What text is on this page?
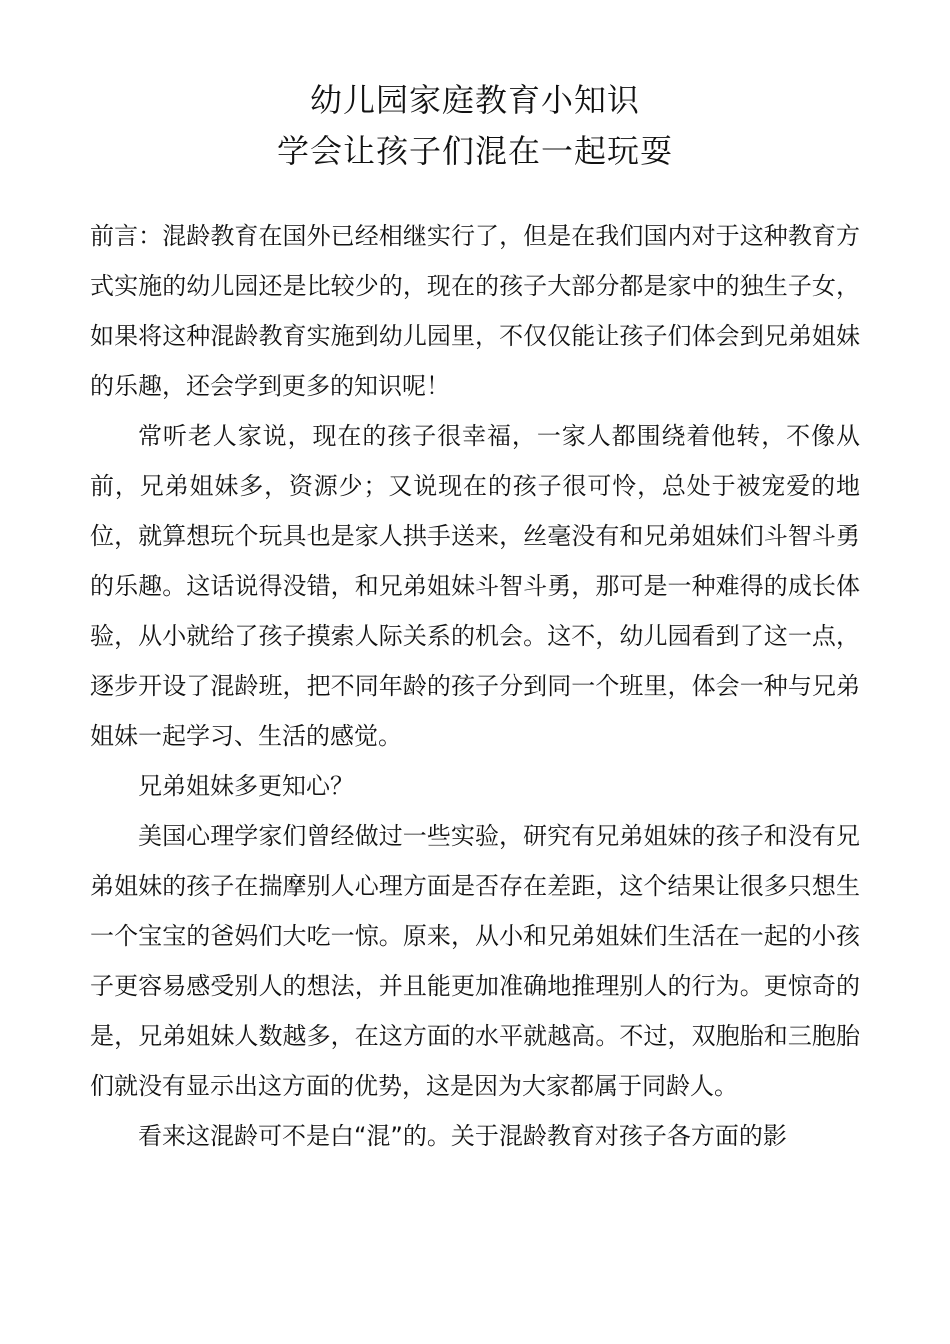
幼儿园家庭教育小知识
学会让孩子们混在一起玩耍

前言：混龄教育在国外已经相继实行了，但是在我们国内对于这种教育方式实施的幼儿园还是比较少的，现在的孩子大部分都是家中的独生子女，如果将这种混龄教育实施到幼儿园里，不仅仅能让孩子们体会到兄弟姐妹的乐趣，还会学到更多的知识呢！

常听老人家说，现在的孩子很幸福，一家人都围绕着他转，不像从前，兄弟姐妹多，资源少；又说现在的孩子很可怜，总处于被宠爱的地位，就算想玩个玩具也是家人拱手送来，丝毫没有和兄弟姐妹们斗智斗勇的乐趣。这话说得没错，和兄弟姐妹斗智斗勇，那可是一种难得的成长体验，从小就给了孩子摸索人际关系的机会。这不，幼儿园看到了这一点，逐步开设了混龄班，把不同年龄的孩子分到同一个班里，体会一种与兄弟姐妹一起学习、生活的感觉。

兄弟姐妹多更知心？

美国心理学家们曾经做过一些实验，研究有兄弟姐妹的孩子和没有兄弟姐妹的孩子在揣摩别人心理方面是否存在差距，这个结果让很多只想生一个宝宝的爸妈们大吃一惊。原来，从小和兄弟姐妹们生活在一起的小孩子更容易感受别人的想法，并且能更加准确地推理别人的行为。更惊奇的是，兄弟姐妹人数越多，在这方面的水平就越高。不过，双胞胎和三胞胎们就没有显示出这方面的优势，这是因为大家都属于同龄人。

看来这混龄可不是白“混”的。关于混龄教育对孩子各方面的影
